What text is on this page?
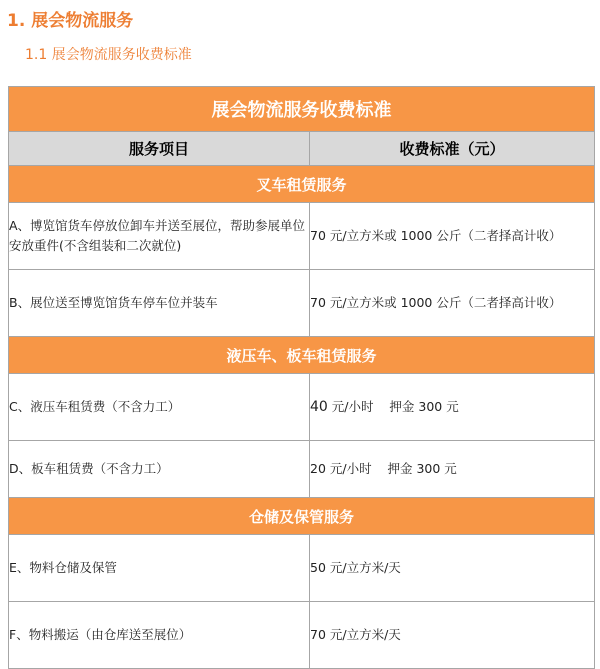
1. 展会物流服务
1.1 展会物流服务收费标准
展会物流服务收费标准	
服务项目	收费标准（元）
叉车租赁服务	
A、博览馆货车停放位卸车并送至展位，帮助参展单位安放重件(不含组装和二次就位)	70 元/立方米或 1000 公斤（二者择高计收）
B、展位送至博览馆货车停车位并装车	70 元/立方米或 1000 公斤（二者择高计收）
液压车、板车租赁服务	
C、液压车租赁费（不含力工）	40 元/小时    押金 300 元
D、板车租赁费（不含力工）	20 元/小时    押金 300 元
仓储及保管服务	
E、物料仓储及保管	50 元/立方米/天
F、物料搬运（由仓库送至展位）	70 元/立方米/天
